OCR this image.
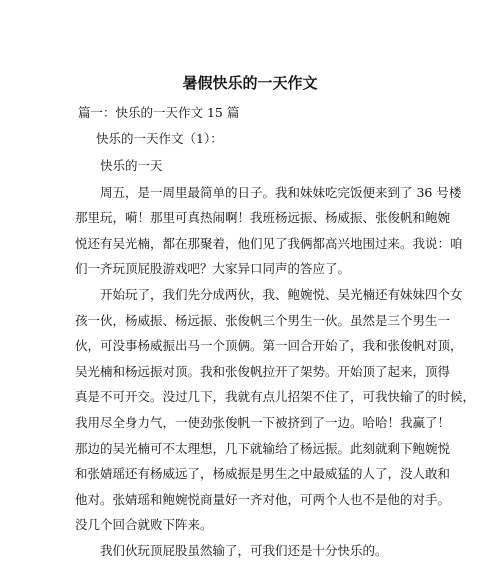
暑假快乐的一天作文
篇一：快乐的一天作文 15 篇
快乐的一天作文（1）：
快乐的一天
周五，是一周里最简单的日子。我和妹妹吃完饭便来到了 36 号楼
那里玩，嗬！那里可真热闹啊！我班杨远振、杨威振、张俊帆和鲍婉
悦还有吴光楠，都在那聚着，他们见了我俩都高兴地围过来。我说：咱
们一齐玩顶屁股游戏吧？大家异口同声的答应了。
开始玩了，我们先分成两伙，我、鲍婉悦、吴光楠还有妹妹四个女
孩一伙，杨威振、杨远振、张俊帆三个男生一伙。虽然是三个男生一
伙，可没事杨威振出马一个顶俩。第一回合开始了，我和张俊帆对顶，
吴光楠和杨远振对顶。我和张俊帆拉开了架势。开始顶了起来，顶得
真是不可开交。没过几下，我就有点儿招架不住了，可我快输了的时候，
我用尽全身力气，一使劲张俊帆一下被挤到了一边。哈哈！我赢了！
那边的吴光楠可不太理想，几下就输给了杨远振。此刻就剩下鲍婉悦
和张婧瑶还有杨威远了，杨威振是男生之中最威猛的人了，没人敢和
他对。张婧瑶和鲍婉悦商量好一齐对他，可两个人也不是他的对手。
没几个回合就败下阵来。
我们伙玩顶屁股虽然输了，可我们还是十分快乐的。
